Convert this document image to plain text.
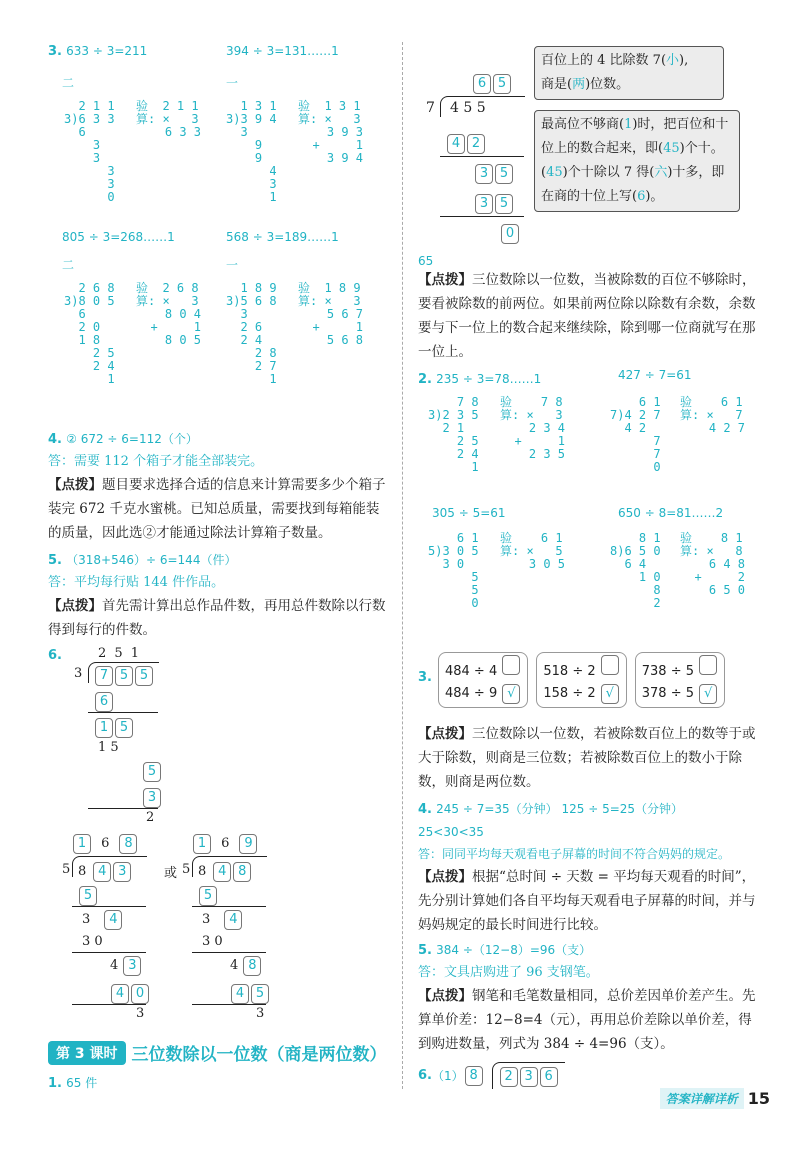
3. 633 ÷ 3=211	394 ÷ 3=131……1
二	一
2 1 1
3)6 3 3
6
3
3
3
3
0
验  2 1 1
算: ×   3
6 3 3
1 3 1
3)3 9 4
3
9
9
4
3
1
验  1 3 1
算: ×   3
3 9 3
+     1
3 9 4
805 ÷ 3=268……1	568 ÷ 3=189……1
二	一
2 6 8
3)8 0 5
6
2 0
1 8
2 5
2 4
1
验  2 6 8
算: ×   3
8 0 4
+     1
8 0 5
1 8 9
3)5 6 8
3
2 6
2 4
2 8
2 7
1
验  1 8 9
算: ×   3
5 6 7
+     1
5 6 8
4. ② 672 ÷ 6=112（个）
答：需要 112 个箱子才能全部装完。
【点拨】题目要求选择合适的信息来计算需要多少个箱子装完 672 千克水蜜桃。已知总质量，需要找到每箱能装的质量，因此选②才能通过除法计算箱子数量。
5. （318+546）÷ 6=144（件）
答：平均每行贴 144 件作品。
【点拨】首先需计算出总作品件数，再用总件数除以行数得到每行的件数。
6.	2 5 1
3	7 5 5
6
1 5
1 5
5
3
2
1 6 8
5 8 4 3
5
3 4
3 0
4 3
4 0
3
或
1 6 9
5 8 4 8
5
3 4
3 0
4 8
4 5
3
第 3 课时 三位数除以一位数（商是两位数）
1. 65 件
6 5
7 4 5 5
4 2
3 5
3 5
0
百位上的 4 比除数 7(小),
商是(两)位数。
最高位不够商(1)时，把百位和十位上的数合起来，即(45)个十。(45)个十除以 7 得(六)十多，即在商的十位上写(6)。
65
【点拨】三位数除以一位数，当被除数的百位不够除时，要看被除数的前两位。如果前两位除以除数有余数，余数要与下一位上的数合起来继续除，除到哪一位商就写在那一位上。
2. 235 ÷ 3=78……1	427 ÷ 7=61
7 8
3)2 3 5
2 1
2 5
2 4
1
验    7 8
算: ×   3
2 3 4
+     1
2 3 5
6 1
7)4 2 7
4 2
7
7
0
验    6 1
算: ×   7
4 2 7
305 ÷ 5=61	650 ÷ 8=81……2
6 1
5)3 0 5
3 0
5
5
0
验    6 1
算: ×   5
3 0 5
8 1
8)6 5 0
6 4
1 0
8
2
验    8 1
算: ×   8
6 4 8
+     2
6 5 0
3. 484 ÷ 4
484 ÷ 9 √
518 ÷ 2
158 ÷ 2 √
738 ÷ 5
378 ÷ 5 √
【点拨】三位数除以一位数，若被除数百位上的数等于或大于除数，则商是三位数；若被除数百位上的数小于除数，则商是两位数。
4. 245 ÷ 7=35（分钟） 125 ÷ 5=25（分钟）
25<30<35
答：同同平均每天观看电子屏幕的时间不符合妈妈的规定。
【点拨】根据“总时间 ÷ 天数 = 平均每天观看的时间”，先分别计算她们各自平均每天观看电子屏幕的时间，并与妈妈规定的最长时间进行比较。
5. 384 ÷（12−8）=96（支）
答：文具店购进了 96 支钢笔。
【点拨】钢笔和毛笔数量相同，总价差因单价差产生。先算单价差：12−8=4（元），再用总价差除以单价差，得到购进数量，列式为 384 ÷ 4=96（支）。
6. （1） 8	2 3 6
答案详解详析 15
